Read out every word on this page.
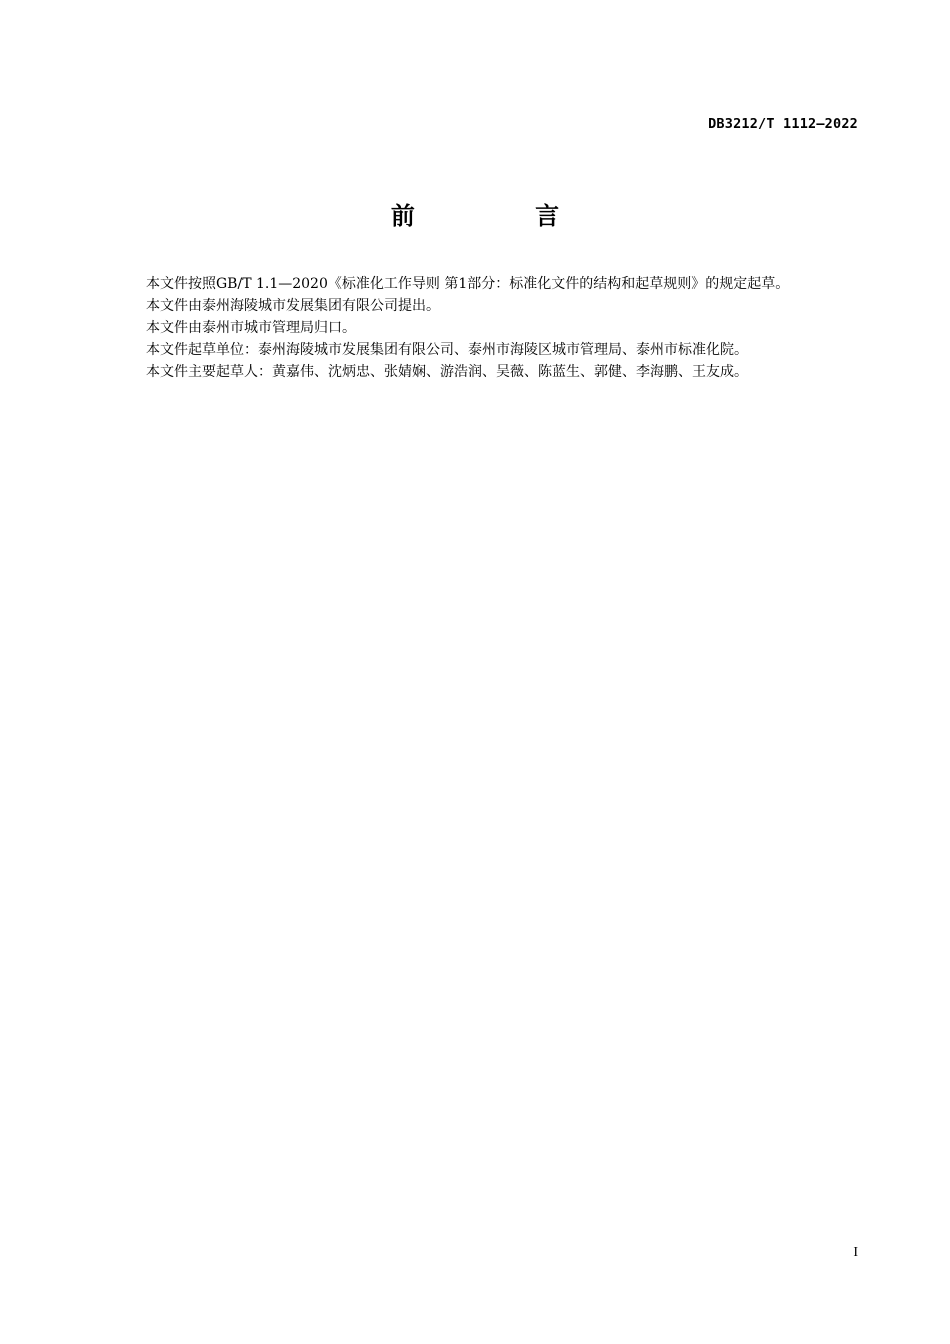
DB3212/T 1112—2022
前 言

本文件按照GB/T 1.1—2020《标准化工作导则 第1部分：标准化文件的结构和起草规则》的规定起草。

本文件由泰州海陵城市发展集团有限公司提出。

本文件由泰州市城市管理局归口。

本文件起草单位：泰州海陵城市发展集团有限公司、泰州市海陵区城市管理局、泰州市标准化院。

本文件主要起草人：黄嘉伟、沈炳忠、张婧娴、游浩润、吴薇、陈蓝生、郭健、李海鹏、王友成。

I
